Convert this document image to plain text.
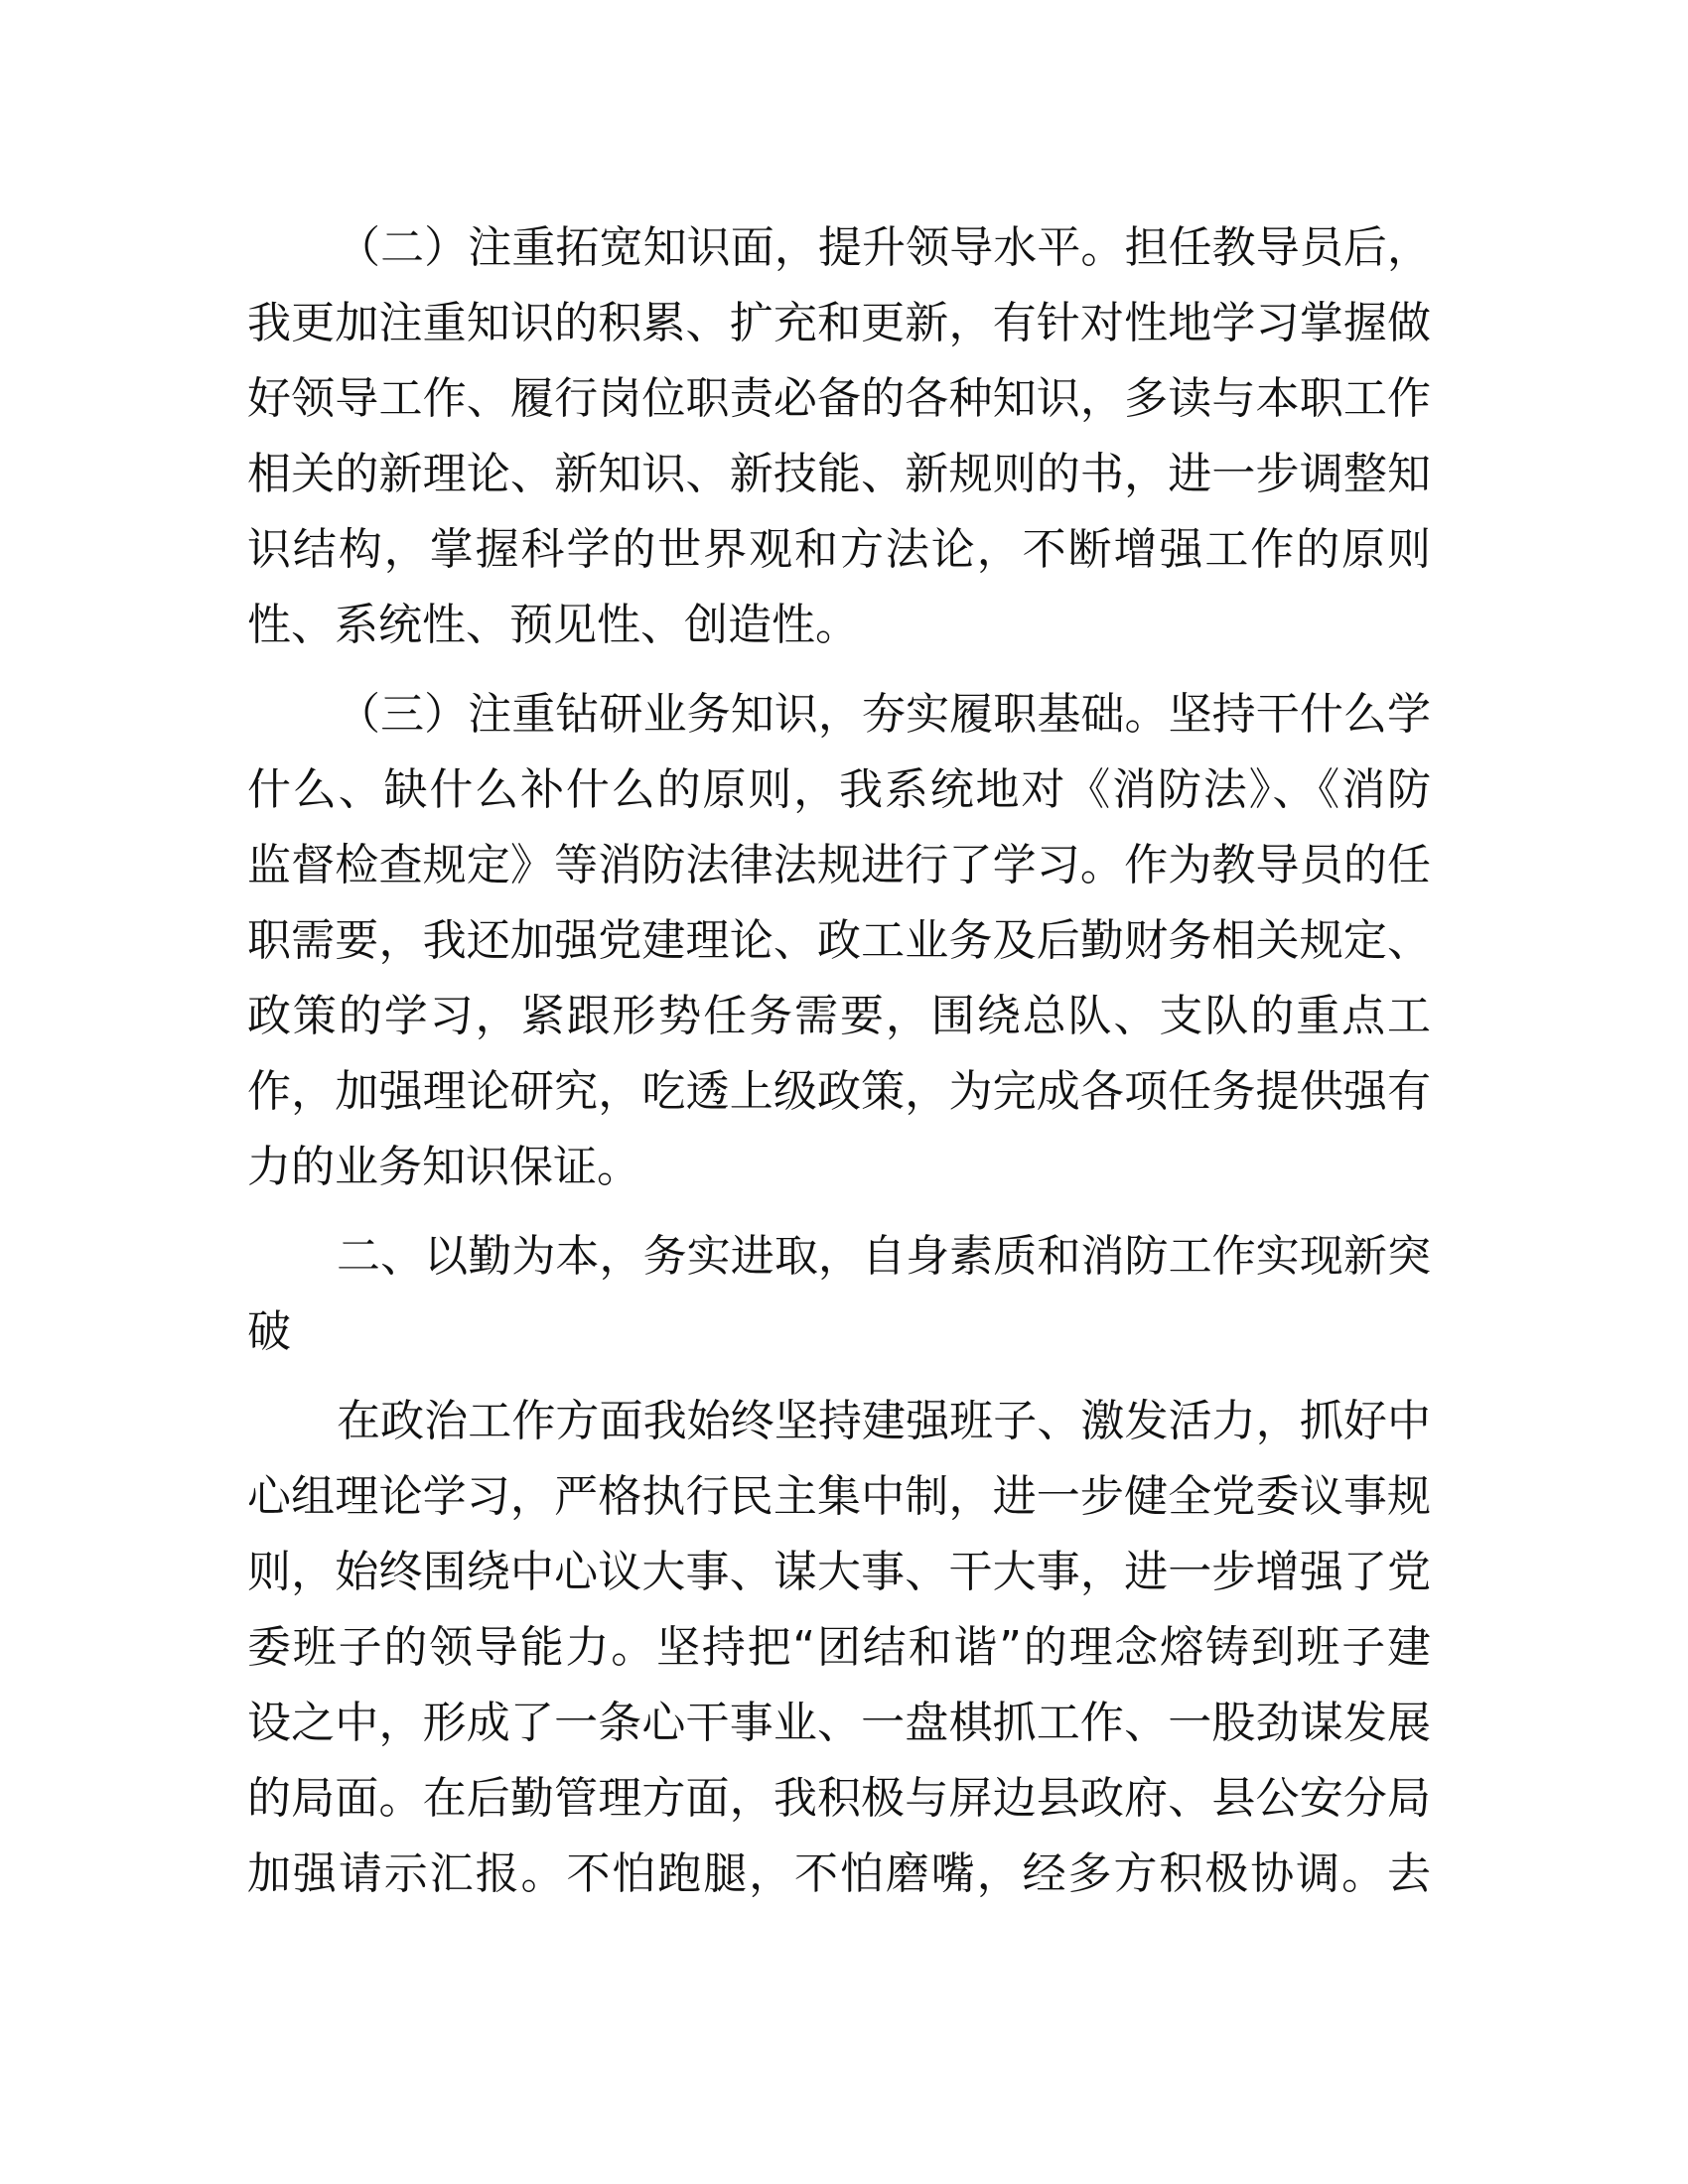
（二）注重拓宽知识面，提升领导水平。担任教导员后，
我更加注重知识的积累、扩充和更新，有针对性地学习掌握做
好领导工作、履行岗位职责必备的各种知识，多读与本职工作
相关的新理论、新知识、新技能、新规则的书，进一步调整知
识结构，掌握科学的世界观和方法论，不断增强工作的原则
性、系统性、预见性、创造性。
（三）注重钻研业务知识，夯实履职基础。坚持干什么学
什么、缺什么补什么的原则，我系统地对《消防法》、《消防
监督检查规定》等消防法律法规进行了学习。作为教导员的任
职需要，我还加强党建理论、政工业务及后勤财务相关规定、
政策的学习，紧跟形势任务需要，围绕总队、支队的重点工
作，加强理论研究，吃透上级政策，为完成各项任务提供强有
力的业务知识保证。
二、以勤为本，务实进取，自身素质和消防工作实现新突
破
在政治工作方面我始终坚持建强班子、激发活力，抓好中
心组理论学习，严格执行民主集中制，进一步健全党委议事规
则，始终围绕中心议大事、谋大事、干大事，进一步增强了党
委班子的领导能力。坚持把“团结和谐”的理念熔铸到班子建
设之中，形成了一条心干事业、一盘棋抓工作、一股劲谋发展
的局面。在后勤管理方面，我积极与屏边县政府、县公安分局
加强请示汇报。不怕跑腿，不怕磨嘴，经多方积极协调。去
